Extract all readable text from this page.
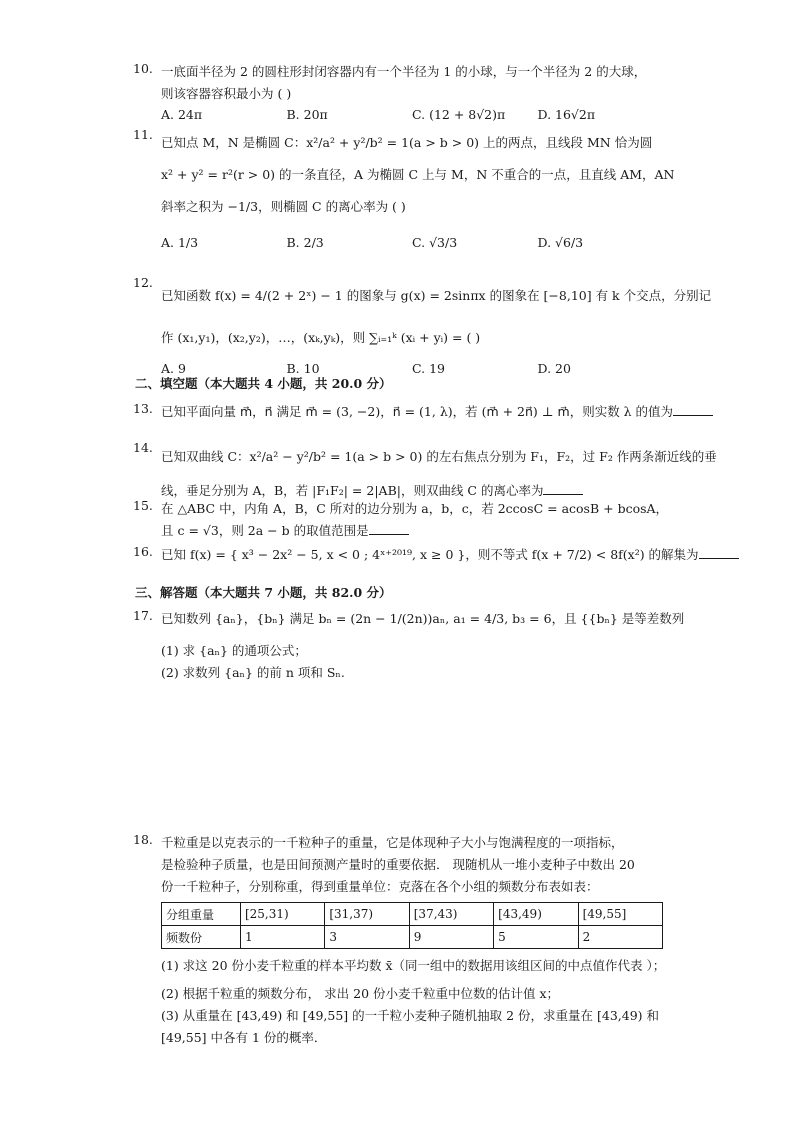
10. 一底面半径为 2 的圆柱形封闭容器内有一个半径为 1 的小球，与一个半径为 2 的大球，
则该容器容积最小为 ( )
A. 24π	B. 20π	C. (12 + 8√2)π	D. 16√2π
11.
已知点 M，N 是椭圆 C：x²/a² + y²/b² = 1(a > b > 0) 上的两点，且线段 MN 恰为圆
x² + y² = r²(r > 0) 的一条直径，A 为椭圆 C 上与 M，N 不重合的一点，且直线 AM，AN
斜率之积为 −1/3，则椭圆 C 的离心率为 ( )
A. 1/3	B. 2/3	C. √3/3	D. √6/3
12.
已知函数 f(x) = 4/(2 + 2ˣ) − 1 的图象与 g(x) = 2sinπx 的图象在 [−8,10] 有 k 个交点，分别记
作 (x₁,y₁)，(x₂,y₂)，…，(xₖ,yₖ)，则 ∑ᵢ₌₁ᵏ (xᵢ + yᵢ) = ( )
A. 9	B. 10	C. 19	D. 20
二、填空题（本大题共 4 小题，共 20.0 分）
13. 已知平面向量 m⃗，n⃗ 满足 m⃗ = (3, −2)，n⃗ = (1, λ)，若 (m⃗ + 2n⃗) ⊥ m⃗，则实数 λ 的值为
14.
已知双曲线 C：x²/a² − y²/b² = 1(a > b > 0) 的左右焦点分别为 F₁，F₂，过 F₂ 作两条渐近线的垂
线，垂足分别为 A，B，若 |F₁F₂| = 2|AB|，则双曲线 C 的离心率为
15. 在 △ABC 中，内角 A，B，C 所对的边分别为 a，b，c，若 2ccosC = acosB + bcosA，
且 c = √3，则 2a − b 的取值范围是
16. 已知 f(x) = { x³ − 2x² − 5, x < 0 ; 4ˣ⁺²⁰¹⁹, x ≥ 0 }，则不等式 f(x + 7/2) < 8f(x²) 的解集为
三、解答题（本大题共 7 小题，共 82.0 分）
17. 已知数列 {aₙ}，{bₙ} 满足 bₙ = (2n − 1/(2n))aₙ, a₁ = 4/3, b₃ = 6，且 {{bₙ} 是等差数列
(1) 求 {aₙ} 的通项公式；
(2) 求数列 {aₙ} 的前 n 项和 Sₙ.
18. 千粒重是以克表示的一千粒种子的重量，它是体现种子大小与饱满程度的一项指标，
是检验种子质量，也是田间预测产量时的重要依据． 现随机从一堆小麦种子中数出 20
份一千粒种子，分别称重，得到重量单位：克落在各个小组的频数分布表如表：
分组重量	[25,31)	[31,37)	[37,43)	[43,49)	[49,55]
频数份	1	3	9	5	2
(1) 求这 20 份小麦千粒重的样本平均数 x̄（同一组中的数据用该组区间的中点值作代表 ）；
(2) 根据千粒重的频数分布， 求出 20 份小麦千粒重中位数的估计值 x；
(3) 从重量在 [43,49) 和 [49,55] 的一千粒小麦种子随机抽取 2 份，求重量在 [43,49) 和
[49,55] 中各有 1 份的概率．
